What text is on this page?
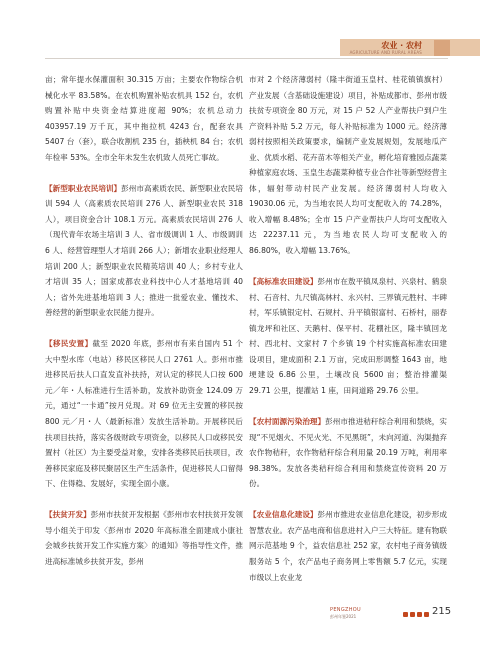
农业 · 农村
AGRICULTURE AND RURAL AREAS

亩；常年提水保灌面积 30.315 万亩；主要农作物综合机械化水平 83.58%。在农机购置补贴农机具 152 台，农机购置补贴中央资金结算进度超 90%；农机总动力 403957.19 万千瓦，其中拖拉机 4243 台，配套农具 5407 台（套），联合收割机 235 台，插秧机 84 台；农机年检率 53%。全市全年未发生农机致人员死亡事故。

【新型职业农民培训】彭州市高素质农民、新型职业农民培训 594 人（高素质农民培训 276 人、新型职业农民 318 人），项目资金合计 108.1 万元。高素质农民培训 276 人（现代青年农场主培训 3 人、省市级调训 1 人、市级调训 6 人、经营管理型人才培训 266 人）；新增农业职业经理人培训 200 人；新型职业农民精英培训 40 人；乡村专业人才培训 35 人；国家成都农业科技中心人才基地培训 40 人；省外先进基地培训 3 人；推进一批爱农业、懂技术、善经营的新型职业农民能力提升。

【移民安置】截至 2020 年底，彭州市有来自国内 51 个大中型水库（电站）移民区移民人口 2761 人。彭州市推进移民后扶人口直发直补扶持，对认定的移民人口按 600 元／年・人标准进行生活补助，发放补助资金 124.09 万元，通过“一卡通”按月兑现。对 69 位无主安置的移民按 800 元／月・人（最新标准）发放生活补助。开展移民后扶项目扶持，落实各级财政专项资金，以移民人口或移民安置村（社区）为主要受益对象，安排各类移民后扶项目，改善移民家庭及移民聚居区生产生活条件，促进移民人口留得下、住得稳、发展好，实现全面小康。

【扶贫开发】彭州市扶贫开发根据《彭州市农村扶贫开发领导小组关于印发〈彭州市 2020 年高标准全面建成小康社会城乡扶贫开发工作实施方案〉的通知》等指导性文件，推进高标准城乡扶贫开发，彭州

市对 2 个经济薄弱村（隆丰街道玉皇村、桂花镇镇旗村）产业发展（含基础设施建设）项目，补贴成都市、彭州市级扶贫专项资金 80 万元，对 15 户 52 人产业帮扶户到户生产资料补贴 5.2 万元，每人补贴标准为 1000 元。经济薄弱村按照相关政策要求，编制产业发展规划，发展地瓜产业、优质水稻、花卉苗木等相关产业，孵化培育雅园点蔬菜种植家庭农场、玉皇生态蔬菜种植专业合作社等新型经营主体，辐射带动村民产业发展。经济薄弱村人均收入 19030.06 元，为当地农民人均可支配收入的 74.28%，收入增幅 8.48%；全市 15 户产业帮扶户人均可支配收入达 22237.11 元，为当地农民人均可支配收入的 86.80%，收入增幅 13.76%。

【高标准农田建设】彭州市在敖平镇凤泉村、兴泉村、鹤泉村、石音村、九尺镇高林村、永兴村、三界镇元胜村、丰碑村，军乐镇银定村、石规村、升平镇银富村、石桥村，丽春镇龙坪和社区、天鹅村、保平村、花棚社区，隆丰镇回龙村、西北村、文家村 7 个乡镇 19 个村实施高标准农田建设项目，建成面积 2.1 万亩，完成田形调整 1643 亩，地埂建设 6.86 公里，土壤改良 5600 亩；整治排灌渠 29.71 公里，提灌站 1 座，田间道路 29.76 公里。

【农村面源污染治理】彭州市推进秸秆综合利用和禁烧，实现“不见烟火、不见火光、不见黑斑”，未向河道、沟渠抛弃农作物秸秆，农作物秸秆综合利用量 20.19 万吨，利用率 98.38%。发放各类秸秆综合利用和禁烧宣传资料 20 万份。

【农业信息化建设】彭州市推进农业信息化建设，初步形成智慧农业。农产品电商和信息进村入户三大特征。建有物联网示范基地 9 个，益农信息社 252 家，农村电子商务镇级服务站 5 个，农产品电子商务网上零售额 5.7 亿元，实现市级以上农业龙

PENGZHOU
彭州年鉴2021	215
